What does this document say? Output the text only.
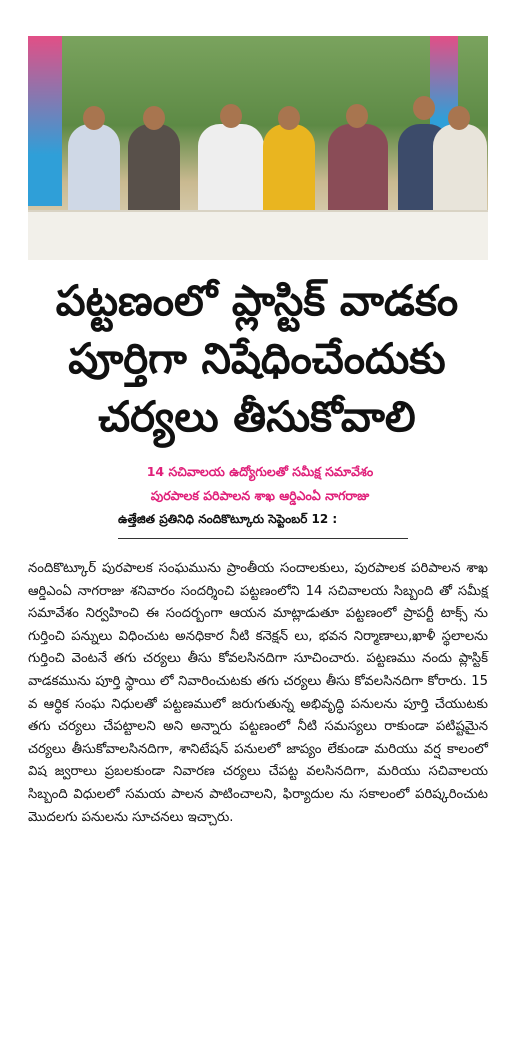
పట్టణంలో ప్లాస్టిక్ వాడకం
పూర్తిగా నిషేధించేందుకు
చర్యలు తీసుకోవాలి
14 సచివాలయ ఉద్యోగులతో సమీక్ష సమావేశం
పురపాలక పరిపాలన శాఖ ఆర్డిఎంఏ నాగరాజు
ఉత్తేజిత ప్రతినిధి నందికొట్కూరు సెప్టెంబర్ 12 :

నందికొట్కూర్ పురపాలక సంఘమును ప్రాంతీయ సందాలకులు, పురపాలక పరిపాలన శాఖ ఆర్డిఎంఏ నాగరాజు శనివారం సందర్శించి పట్టణంలోని 14 సచివాలయ సిబ్బంది తో సమీక్ష సమావేశం నిర్వహించి ఈ సందర్బంగా ఆయన మాట్లాడుతూ పట్టణంలో ప్రాపర్టీ టాక్స్ ను గుర్తించి పన్నులు విధించుట అనధికార నీటి కనెక్షన్ లు, భవన నిర్మాణాలు,ఖాళీ స్థలాలను గుర్తించి వెంటనే తగు చర్యలు తీసు కోవలసినదిగా సూచించారు. పట్టణము నందు ప్లాస్టిక్ వాడకమును పూర్తి స్థాయి లో నివారించుటకు తగు చర్యలు తీసు కోవలసినదిగా కోరారు. 15 వ ఆర్థిక సంఘ నిధులతో పట్టణములో జరుగుతున్న అభివృద్ధి పనులను పూర్తి చేయుటకు తగు చర్యలు చేపట్టాలని అని అన్నారు పట్టణంలో నీటి సమస్యలు రాకుండా పటిష్టమైన చర్యలు తీసుకోవాలసినదిగా, శానిటేషన్ పనులలో జాప్యం లేకుండా మరియు వర్ష కాలంలో విష జ్వరాలు ప్రబలకుండా నివారణ చర్యలు చేపట్ట వలసినదిగా, మరియు సచివాలయ సిబ్బంది విధులలో సమయ పాలన పాటించాలని, ఫిర్యాదుల ను సకాలంలో పరిష్కరించుట మొదలగు పనులను సూచనలు ఇచ్చారు.
